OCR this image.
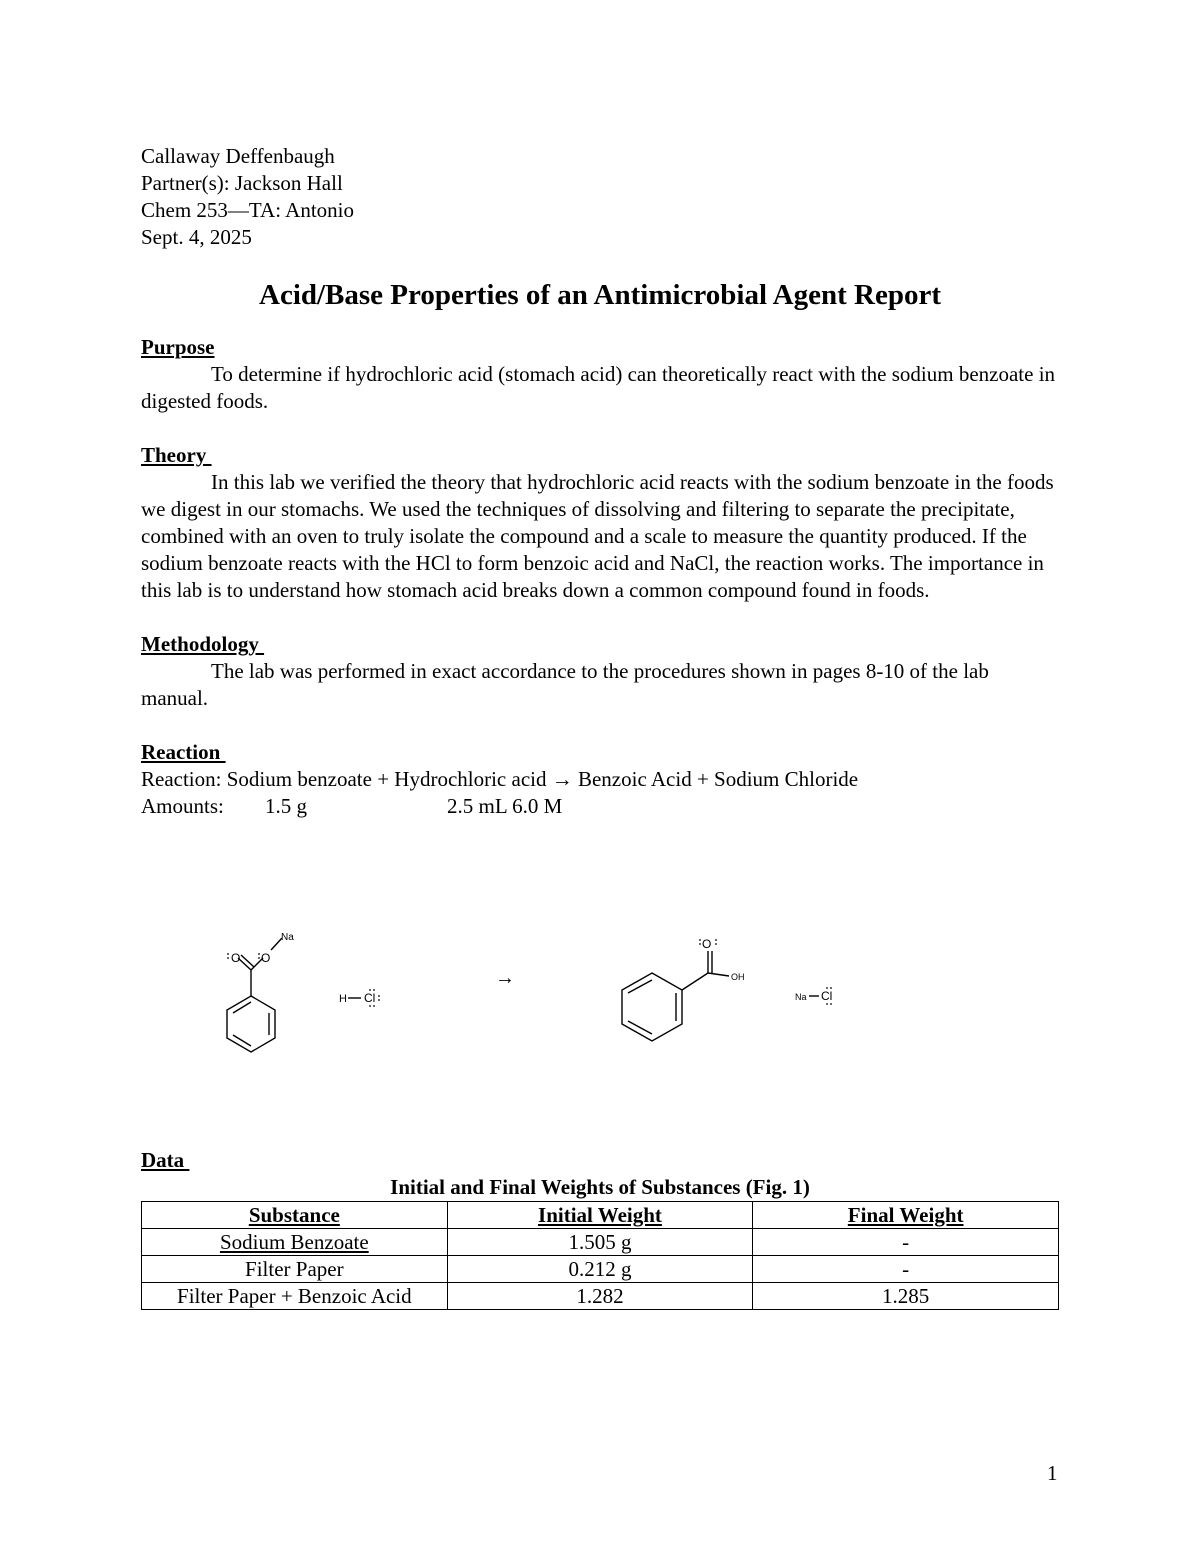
Callaway Deffenbaugh
Partner(s): Jackson Hall
Chem 253—TA: Antonio
Sept. 4, 2025
Acid/Base Properties of an Antimicrobial Agent Report
Purpose

To determine if hydrochloric acid (stomach acid) can theoretically react with the sodium benzoate in digested foods.

Theory

In this lab we verified the theory that hydrochloric acid reacts with the sodium benzoate in the foods we digest in our stomachs. We used the techniques of dissolving and filtering to separate the precipitate, combined with an oven to truly isolate the compound and a scale to measure the quantity produced. If the sodium benzoate reacts with the HCl to form benzoic acid and NaCl, the reaction works. The importance in this lab is to understand how stomach acid breaks down a common compound found in foods.

Methodology

The lab was performed in exact accordance to the procedures shown in pages 8-10 of the lab manual.

Reaction
Reaction: Sodium benzoate + Hydrochloric acid → Benzoic Acid + Sodium Chloride
Amounts: 1.5 g	2.5 mL 6.0 M
O O
Na
H Cl
→
O
OH
Na Cl
Data
Initial and Final Weights of Substances (Fig. 1)
Substance	Initial Weight	Final Weight
Sodium Benzoate	1.505 g	-
Filter Paper	0.212 g	-
Filter Paper + Benzoic Acid	1.282	1.285
1
